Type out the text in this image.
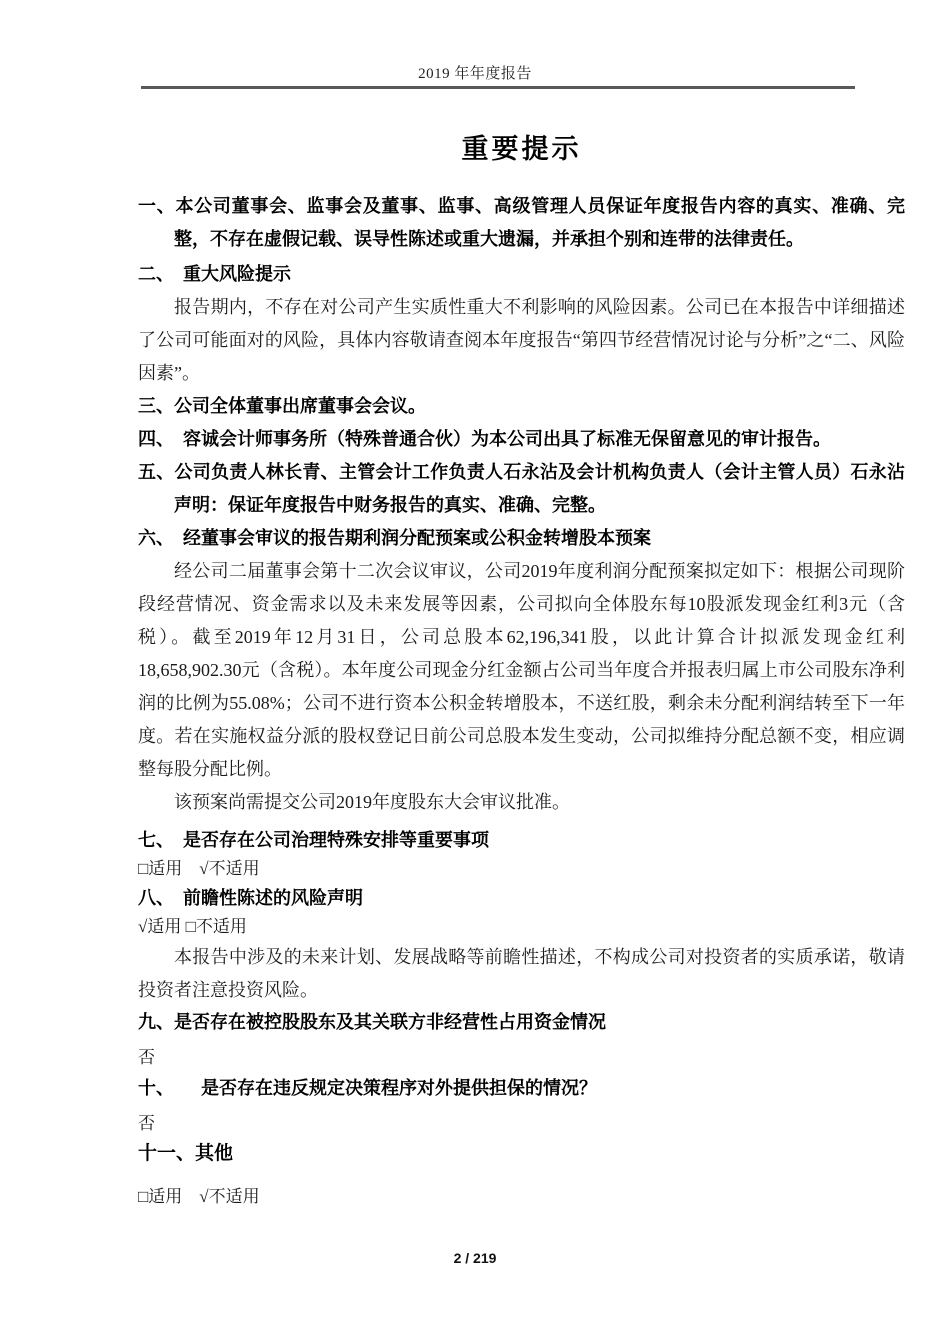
2019 年年度报告
重要提示
一、本公司董事会、监事会及董事、监事、高级管理人员保证年度报告内容的真实、准确、完整，不存在虚假记载、误导性陈述或重大遗漏，并承担个别和连带的法律责任。
二、　重大风险提示

报告期内，不存在对公司产生实质性重大不利影响的风险因素。公司已在本报告中详细描述了公司可能面对的风险，具体内容敬请查阅本年度报告“第四节经营情况讨论与分析”之“二、风险因素”。

三、公司全体董事出席董事会会议。
四、　容诚会计师事务所（特殊普通合伙）为本公司出具了标准无保留意见的审计报告。
五、公司负责人林长青、主管会计工作负责人石永沾及会计机构负责人（会计主管人员）石永沾声明：保证年度报告中财务报告的真实、准确、完整。
六、　经董事会审议的报告期利润分配预案或公积金转增股本预案

经公司二届董事会第十二次会议审议，公司2019年度利润分配预案拟定如下：根据公司现阶段经营情况、资金需求以及未来发展等因素，公司拟向全体股东每10股派发现金红利3元（含税）。截至2019年12月31日，公司总股本62,196,341股，以此计算合计拟派发现金红利18,658,902.30元（含税）。本年度公司现金分红金额占公司当年度合并报表归属上市公司股东净利润的比例为55.08%；公司不进行资本公积金转增股本，不送红股，剩余未分配利润结转至下一年度。若在实施权益分派的股权登记日前公司总股本发生变动，公司拟维持分配总额不变，相应调整每股分配比例。

该预案尚需提交公司2019年度股东大会审议批准。

七、　是否存在公司治理特殊安排等重要事项
□适用　√不适用
八、　前瞻性陈述的风险声明
√适用 □不适用

本报告中涉及的未来计划、发展战略等前瞻性描述，不构成公司对投资者的实质承诺，敬请投资者注意投资风险。

九、是否存在被控股股东及其关联方非经营性占用资金情况
否
十、　　是否存在违反规定决策程序对外提供担保的情况？
否
十一、其他
□适用　√不适用
2 / 219
